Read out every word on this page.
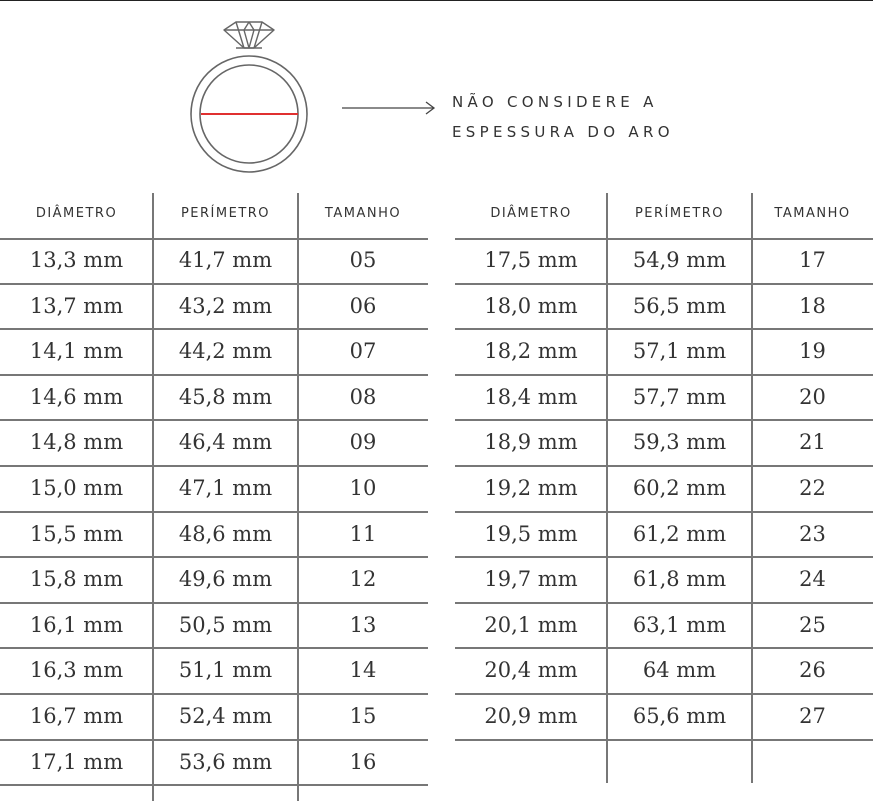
NÃO CONSIDERE A
ESPESSURA DO ARO
DIÂMETRO	PERÍMETRO	TAMANHO
13,3 mm	41,7 mm	05
13,7 mm	43,2 mm	06
14,1 mm	44,2 mm	07
14,6 mm	45,8 mm	08
14,8 mm	46,4 mm	09
15,0 mm	47,1 mm	10
15,5 mm	48,6 mm	11
15,8 mm	49,6 mm	12
16,1 mm	50,5 mm	13
16,3 mm	51,1 mm	14
16,7 mm	52,4 mm	15
17,1 mm	53,6 mm	16
DIÂMETRO	PERÍMETRO	TAMANHO
17,5 mm	54,9 mm	17
18,0 mm	56,5 mm	18
18,2 mm	57,1 mm	19
18,4 mm	57,7 mm	20
18,9 mm	59,3 mm	21
19,2 mm	60,2 mm	22
19,5 mm	61,2 mm	23
19,7 mm	61,8 mm	24
20,1 mm	63,1 mm	25
20,4 mm	64 mm	26
20,9 mm	65,6 mm	27
